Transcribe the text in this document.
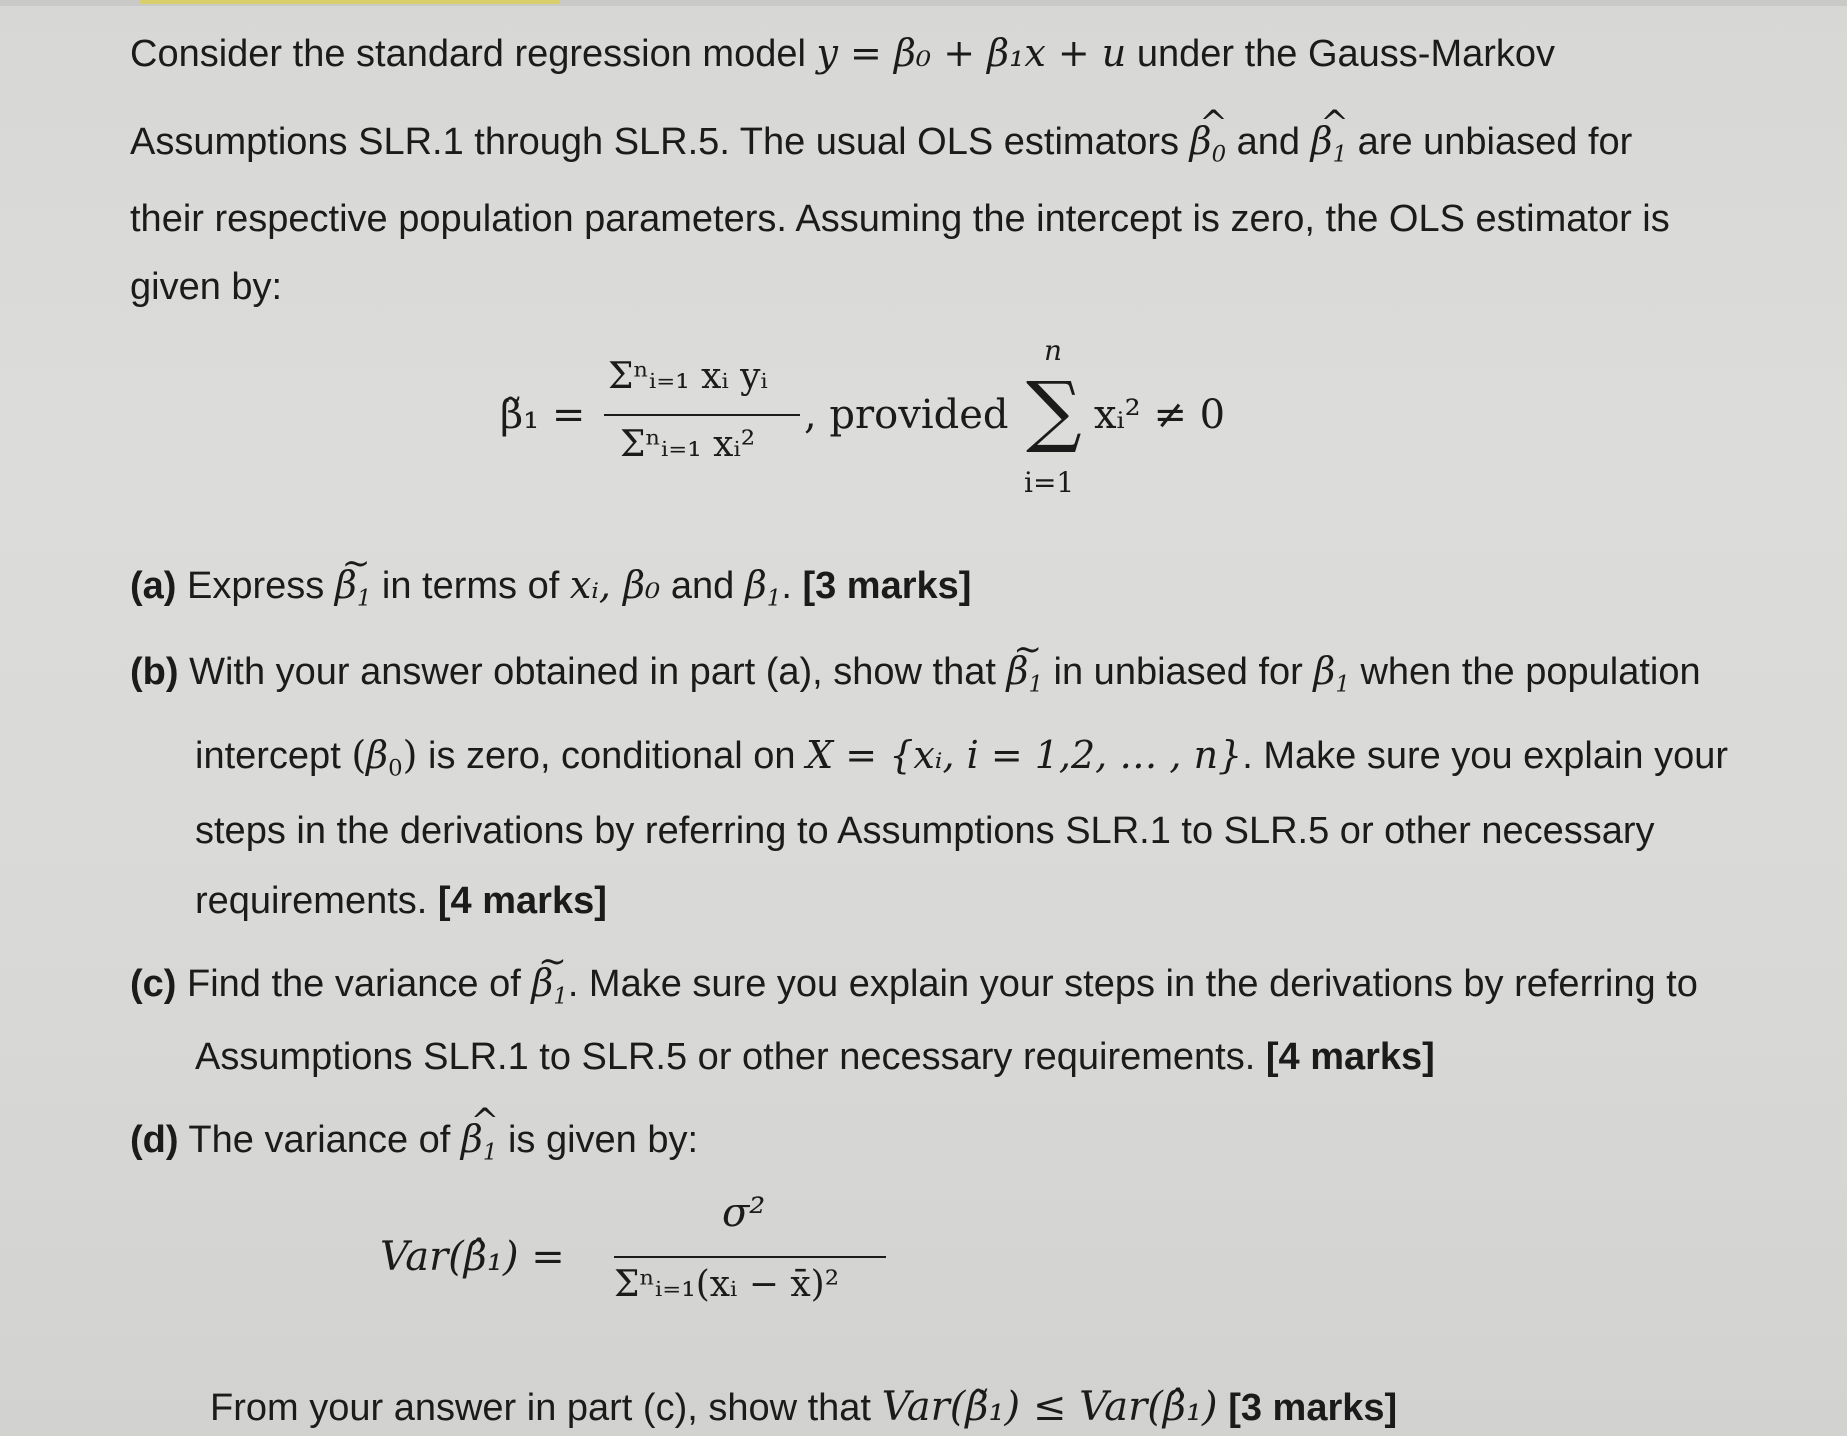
Consider the standard regression model y = β₀ + β₁x + u under the Gauss-Markov
Assumptions SLR.1 through SLR.5. The usual OLS estimators ^ $\beta_0$ and ^ $\beta_1$ are unbiased for
their respective population parameters. Assuming the intercept is zero, the OLS estimator is
given by:
β̃₁ =
Σⁿᵢ₌₁ xᵢ yᵢ
Σⁿᵢ₌₁ xᵢ²
, provided
n
∑
i=1
xᵢ² ≠ 0
(a) Express ~ $\beta_1$ in terms of xᵢ, β₀ and $\beta_1$. [3 marks]
(b) With your answer obtained in part (a), show that ~ $\beta_1$ in unbiased for $\beta_1$ when the population
intercept $(\beta_0)$ is zero, conditional on X = {xᵢ, i = 1,2, … , n}. Make sure you explain your
steps in the derivations by referring to Assumptions SLR.1 to SLR.5 or other necessary
requirements. [4 marks]
(c) Find the variance of ~ $\beta_1$. Make sure you explain your steps in the derivations by referring to
Assumptions SLR.1 to SLR.5 or other necessary requirements. [4 marks]
(d) The variance of ^ $\beta_1$ is given by:
Var(β̂₁) =
σ²
Σⁿᵢ₌₁(xᵢ − x̄)²
From your answer in part (c), show that Var(β̃₁) ≤ Var(β̂₁) [3 marks]
